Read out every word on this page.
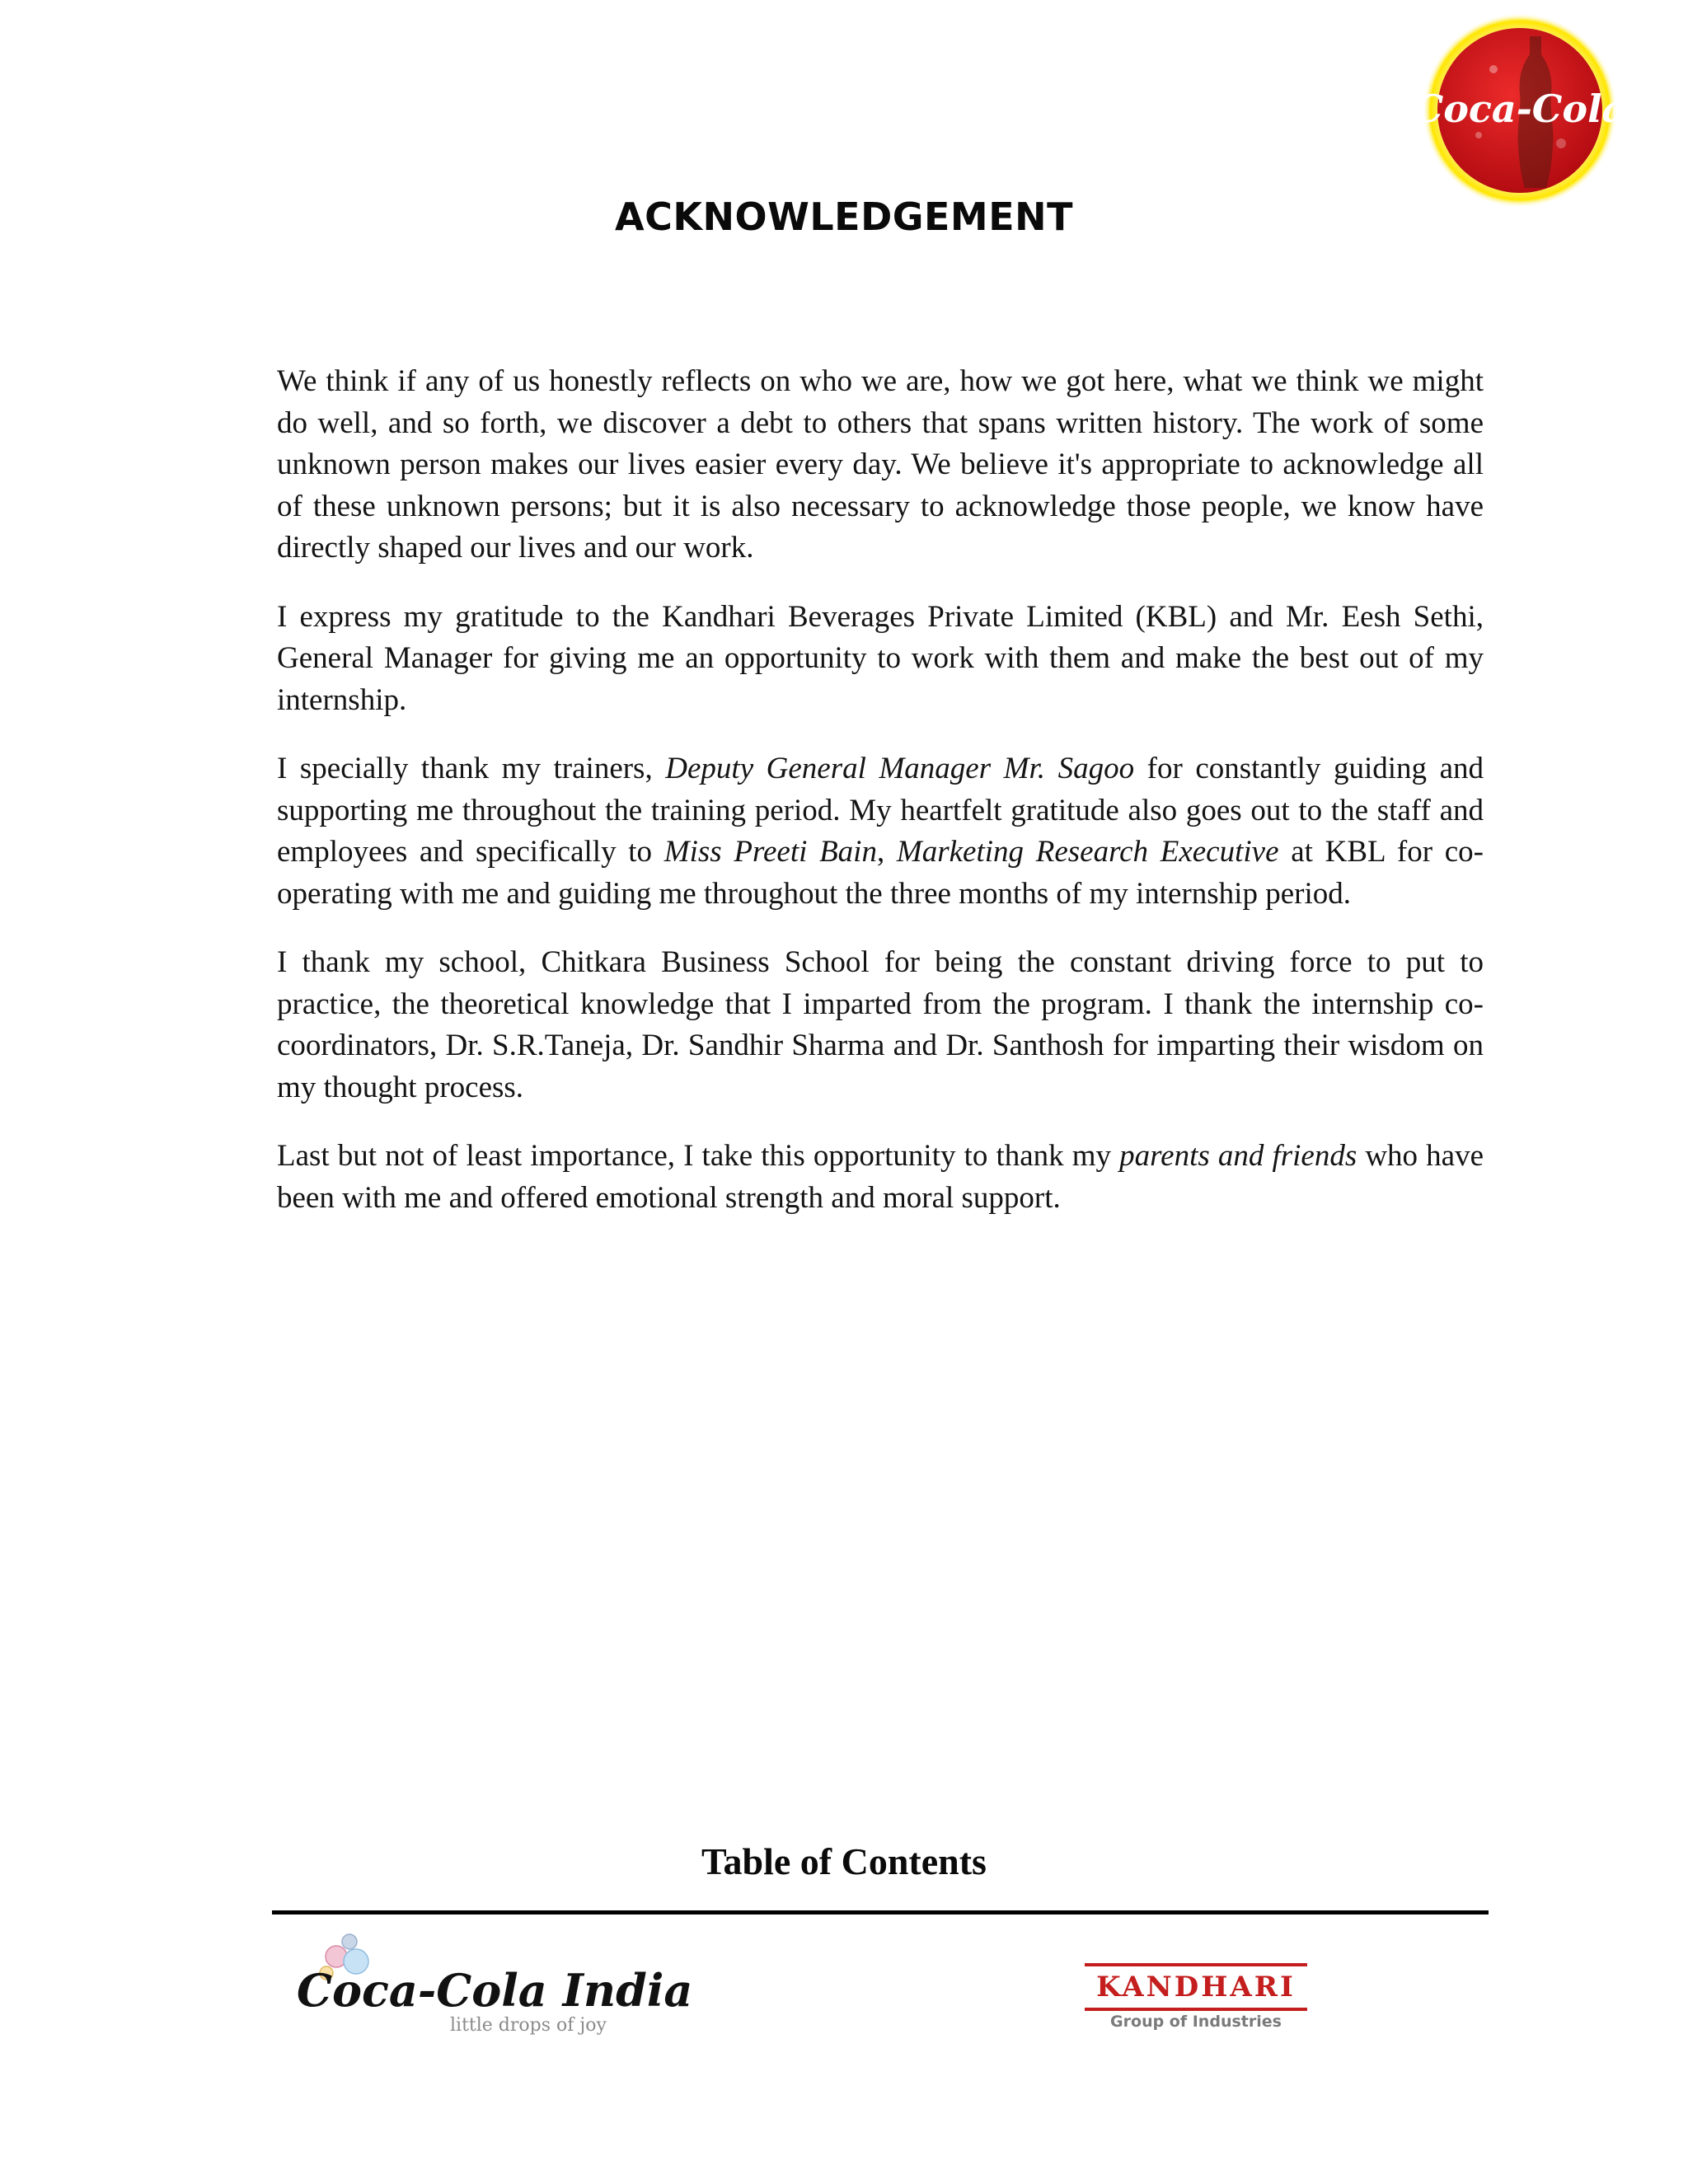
Coca-Cola
ACKNOWLEDGEMENT

We think if any of us honestly reflects on who we are, how we got here, what we think we might do well, and so forth, we discover a debt to others that spans written history. The work of some unknown person makes our lives easier every day. We believe it's appropriate to acknowledge all of these unknown persons; but it is also necessary to acknowledge those people, we know have directly shaped our lives and our work.

I express my gratitude to the Kandhari Beverages Private Limited (KBL) and Mr. Eesh Sethi, General Manager for giving me an opportunity to work with them and make the best out of my internship.

I specially thank my trainers, Deputy General Manager Mr. Sagoo for constantly guiding and supporting me throughout the training period. My heartfelt gratitude also goes out to the staff and employees and specifically to Miss Preeti Bain, Marketing Research Executive at KBL for co-operating with me and guiding me throughout the three months of my internship period.

I thank my school, Chitkara Business School for being the constant driving force to put to practice, the theoretical knowledge that I imparted from the program. I thank the internship co-coordinators, Dr. S.R.Taneja, Dr. Sandhir Sharma and Dr. Santhosh for imparting their wisdom on my thought process.

Last but not of least importance, I take this opportunity to thank my parents and friends who have been with me and offered emotional strength and moral support.

Table of Contents
Coca-Cola India
little drops of joy
KANDHARI
Group of Industries
